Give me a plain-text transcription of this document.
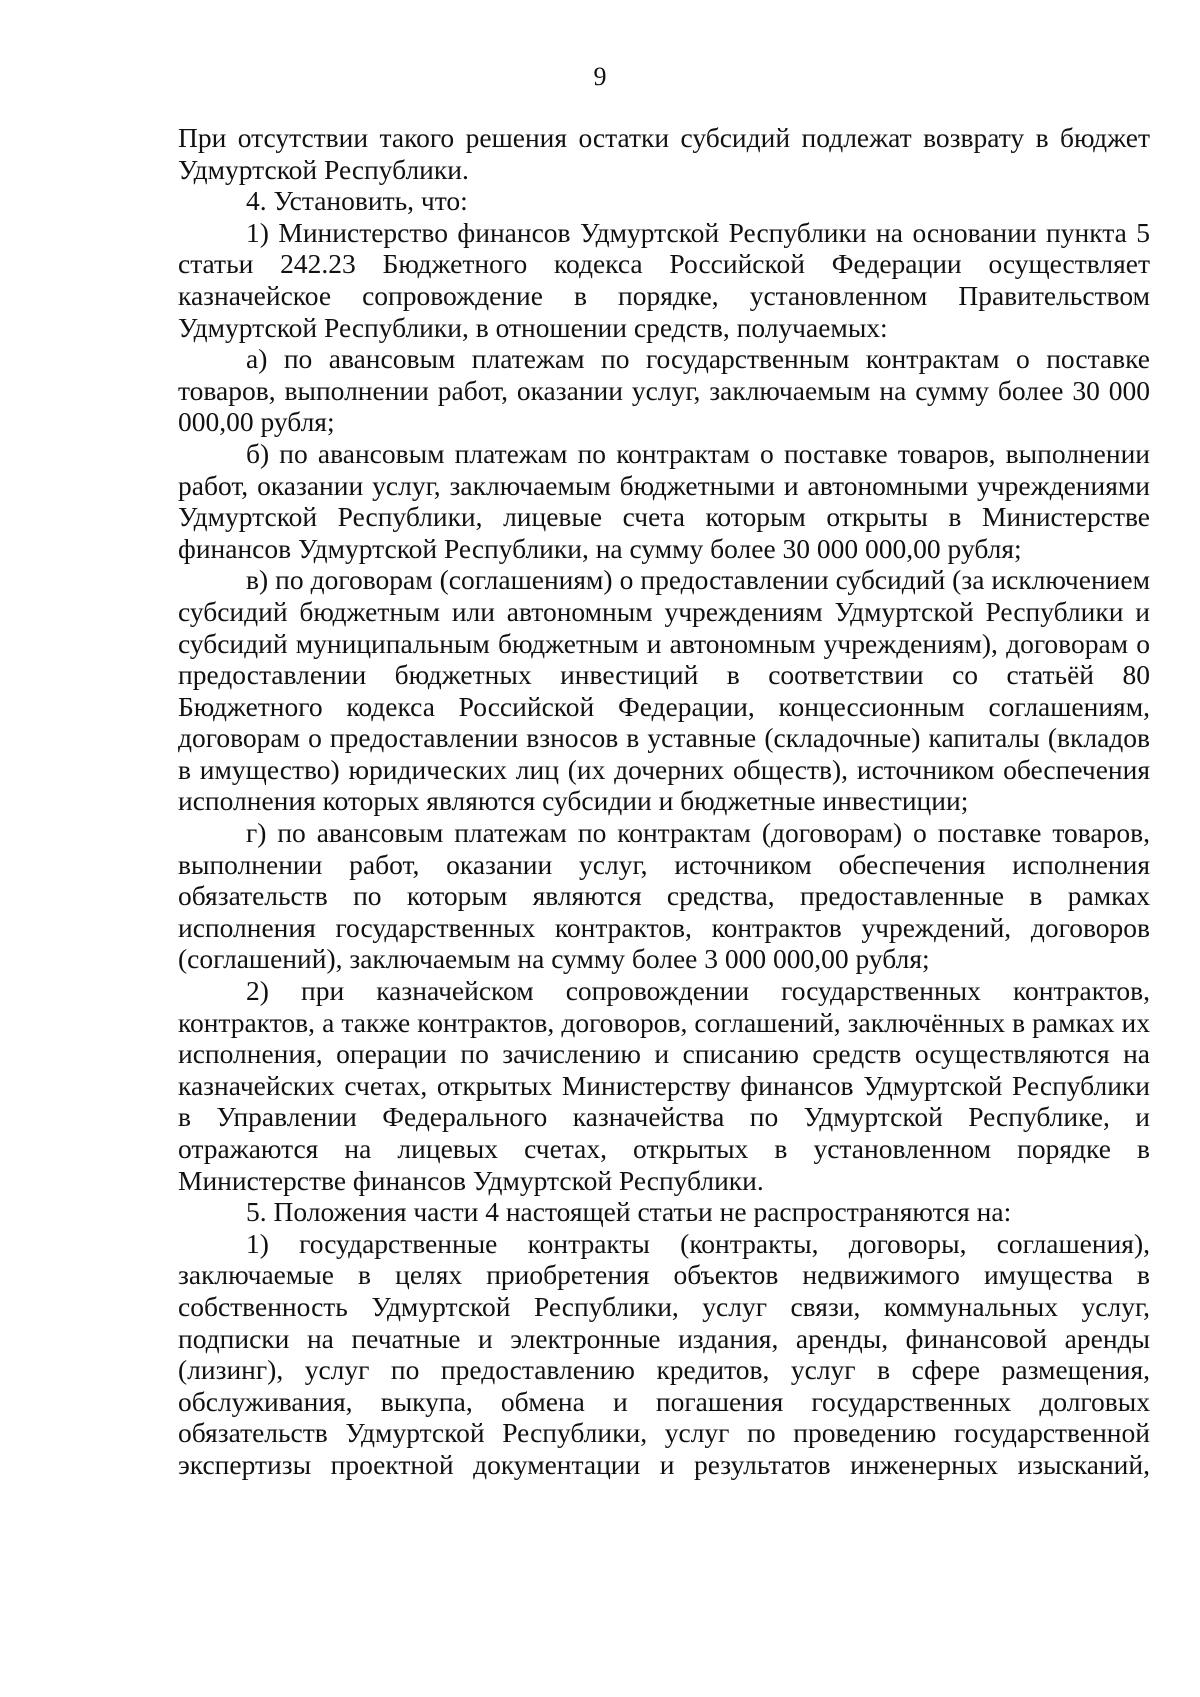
9

При отсутствии такого решения остатки субсидий подлежат возврату в бюджет Удмуртской Республики.

4. Установить, что:

1) Министерство финансов Удмуртской Республики на основании пункта 5 статьи 242.23 Бюджетного кодекса Российской Федерации осуществляет казначейское сопровождение в порядке, установленном Правительством Удмуртской Республики, в отношении средств, получаемых:

а) по авансовым платежам по государственным контрактам о поставке товаров, выполнении работ, оказании услуг, заключаемым на сумму более 30 000 000,00 рубля;

б) по авансовым платежам по контрактам о поставке товаров, выполнении работ, оказании услуг, заключаемым бюджетными и автономными учреждениями Удмуртской Республики, лицевые счета которым открыты в Министерстве финансов Удмуртской Республики, на сумму более 30 000 000,00 рубля;

в) по договорам (соглашениям) о предоставлении субсидий (за исключением субсидий бюджетным или автономным учреждениям Удмуртской Республики и субсидий муниципальным бюджетным и автономным учреждениям), договорам о предоставлении бюджетных инвестиций в соответствии со статьёй 80 Бюджетного кодекса Российской Федерации, концессионным соглашениям, договорам о предоставлении взносов в уставные (складочные) капиталы (вкладов в имущество) юридических лиц (их дочерних обществ), источником обеспечения исполнения которых являются субсидии и бюджетные инвестиции;

г) по авансовым платежам по контрактам (договорам) о поставке товаров, выполнении работ, оказании услуг, источником обеспечения исполнения обязательств по которым являются средства, предоставленные в рамках исполнения государственных контрактов, контрактов учреждений, договоров (соглашений), заключаемым на сумму более 3 000 000,00 рубля;

2) при казначейском сопровождении государственных контрактов, контрактов, а также контрактов, договоров, соглашений, заключённых в рамках их исполнения, операции по зачислению и списанию средств осуществляются на казначейских счетах, открытых Министерству финансов Удмуртской Республики в Управлении Федерального казначейства по Удмуртской Республике, и отражаются на лицевых счетах, открытых в установленном порядке в Министерстве финансов Удмуртской Республики.

5. Положения части 4 настоящей статьи не распространяются на:

1) государственные контракты (контракты, договоры, соглашения), заключаемые в целях приобретения объектов недвижимого имущества в собственность Удмуртской Республики, услуг связи, коммунальных услуг, подписки на печатные и электронные издания, аренды, финансовой аренды (лизинг), услуг по предоставлению кредитов, услуг в сфере размещения, обслуживания, выкупа, обмена и погашения государственных долговых обязательств Удмуртской Республики, услуг по проведению государственной экспертизы проектной документации и результатов инженерных изысканий,
